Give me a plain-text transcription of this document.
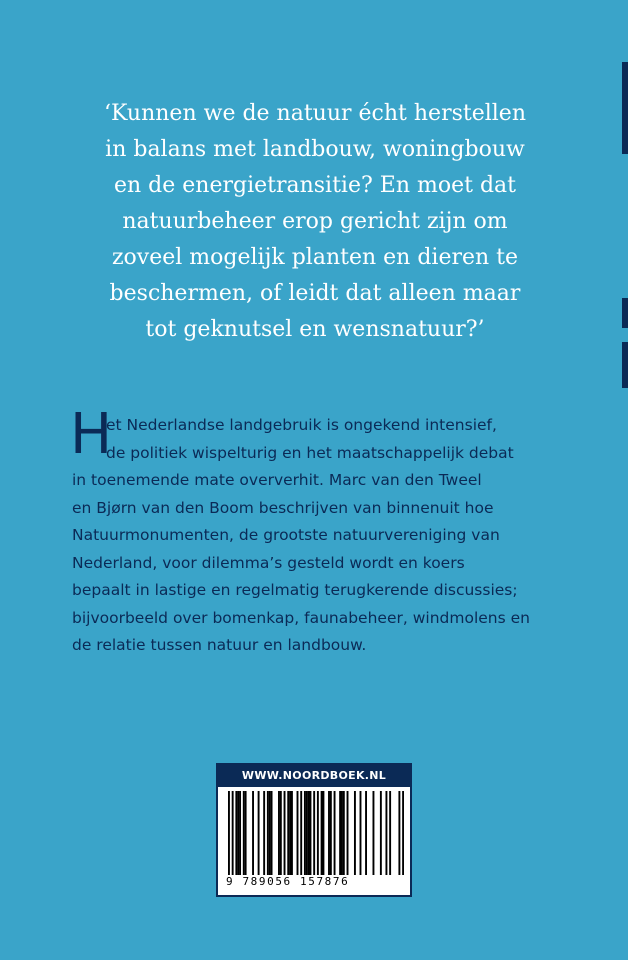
‘Kunnen we de natuur écht herstellen
in balans met landbouw, woningbouw
en de energietransitie? En moet dat
natuurbeheer erop gericht zijn om
zoveel mogelijk planten en dieren te
beschermen, of leidt dat alleen maar
tot geknutsel en wensnatuur?’
H
et Nederlandse landgebruik is ongekend intensief,
de politiek wispelturig en het maatschappelijk debat
in toenemende mate oververhit. Marc van den Tweel
en Bjørn van den Boom beschrijven van binnenuit hoe
Natuurmonumenten, de grootste natuurvereniging van
Nederland, voor dilemma’s gesteld wordt en koers
bepaalt in lastige en regelmatig terugkerende discussies;
bijvoorbeeld over bomenkap, faunabeheer, windmolens en
de relatie tussen natuur en landbouw.
WWW.NOORDBOEK.NL
9 789056 157876
